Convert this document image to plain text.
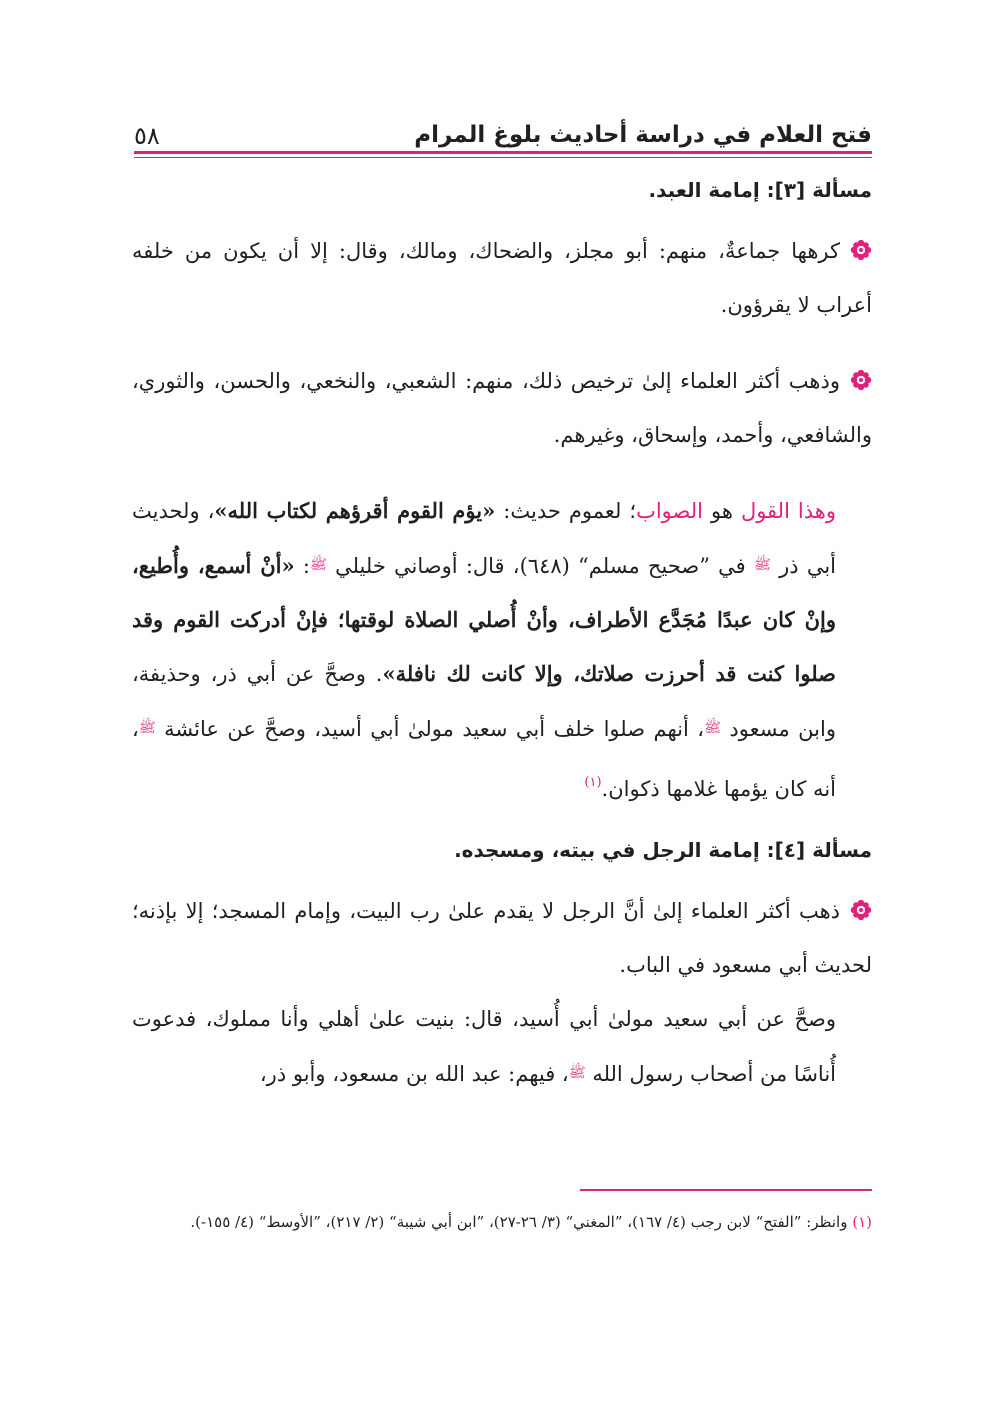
فتح العلام في دراسة أحاديث بلوغ المرام
٥٨

مسألة [٣]: إمامة العبد.

كرهها جماعةٌ، منهم: أبو مجلز، والضحاك، ومالك، وقال: إلا أن يكون من خلفه أعراب لا يقرؤون.

وذهب أكثر العلماء إلىٰ ترخيص ذلك، منهم: الشعبي، والنخعي، والحسن، والثوري، والشافعي، وأحمد، وإسحاق، وغيرهم.

وهذا القول هو الصواب؛ لعموم حديث: «يؤم القوم أقرؤهم لكتاب الله»، ولحديث أبي ذر ﷺ في ”صحيح مسلم“ (٦٤٨)، قال: أوصاني خليلي ﷺ: «أنْ أسمع، وأُطيع، وإنْ كان عبدًا مُجَدَّع الأطراف، وأنْ أُصلي الصلاة لوقتها؛ فإنْ أدركت القوم وقد صلوا كنت قد أحرزت صلاتك، وإلا كانت لك نافلة». وصحَّ عن أبي ذر، وحذيفة، وابن مسعود ﷺ، أنهم صلوا خلف أبي سعيد مولىٰ أبي أسيد، وصحَّ عن عائشة ﷺ، أنه كان يؤمها غلامها ذكوان.$^{(١)}$

مسألة [٤]: إمامة الرجل في بيته، ومسجده.

ذهب أكثر العلماء إلىٰ أنَّ الرجل لا يقدم علىٰ رب البيت، وإمام المسجد؛ إلا بإذنه؛ لحديث أبي مسعود في الباب.

وصحَّ عن أبي سعيد مولىٰ أبي أُسيد، قال: بنيت علىٰ أهلي وأنا مملوك، فدعوت أُناسًا من أصحاب رسول الله ﷺ، فيهم: عبد الله بن مسعود، وأبو ذر،

(١) وانظر: ”الفتح“ لابن رجب (٤/ ١٦٧)، ”المغني“ (٣/ ٢٦-٢٧)، ”ابن أبي شيبة“ (٢/ ٢١٧)، ”الأوسط“ (٤/ ١٥٥-).
